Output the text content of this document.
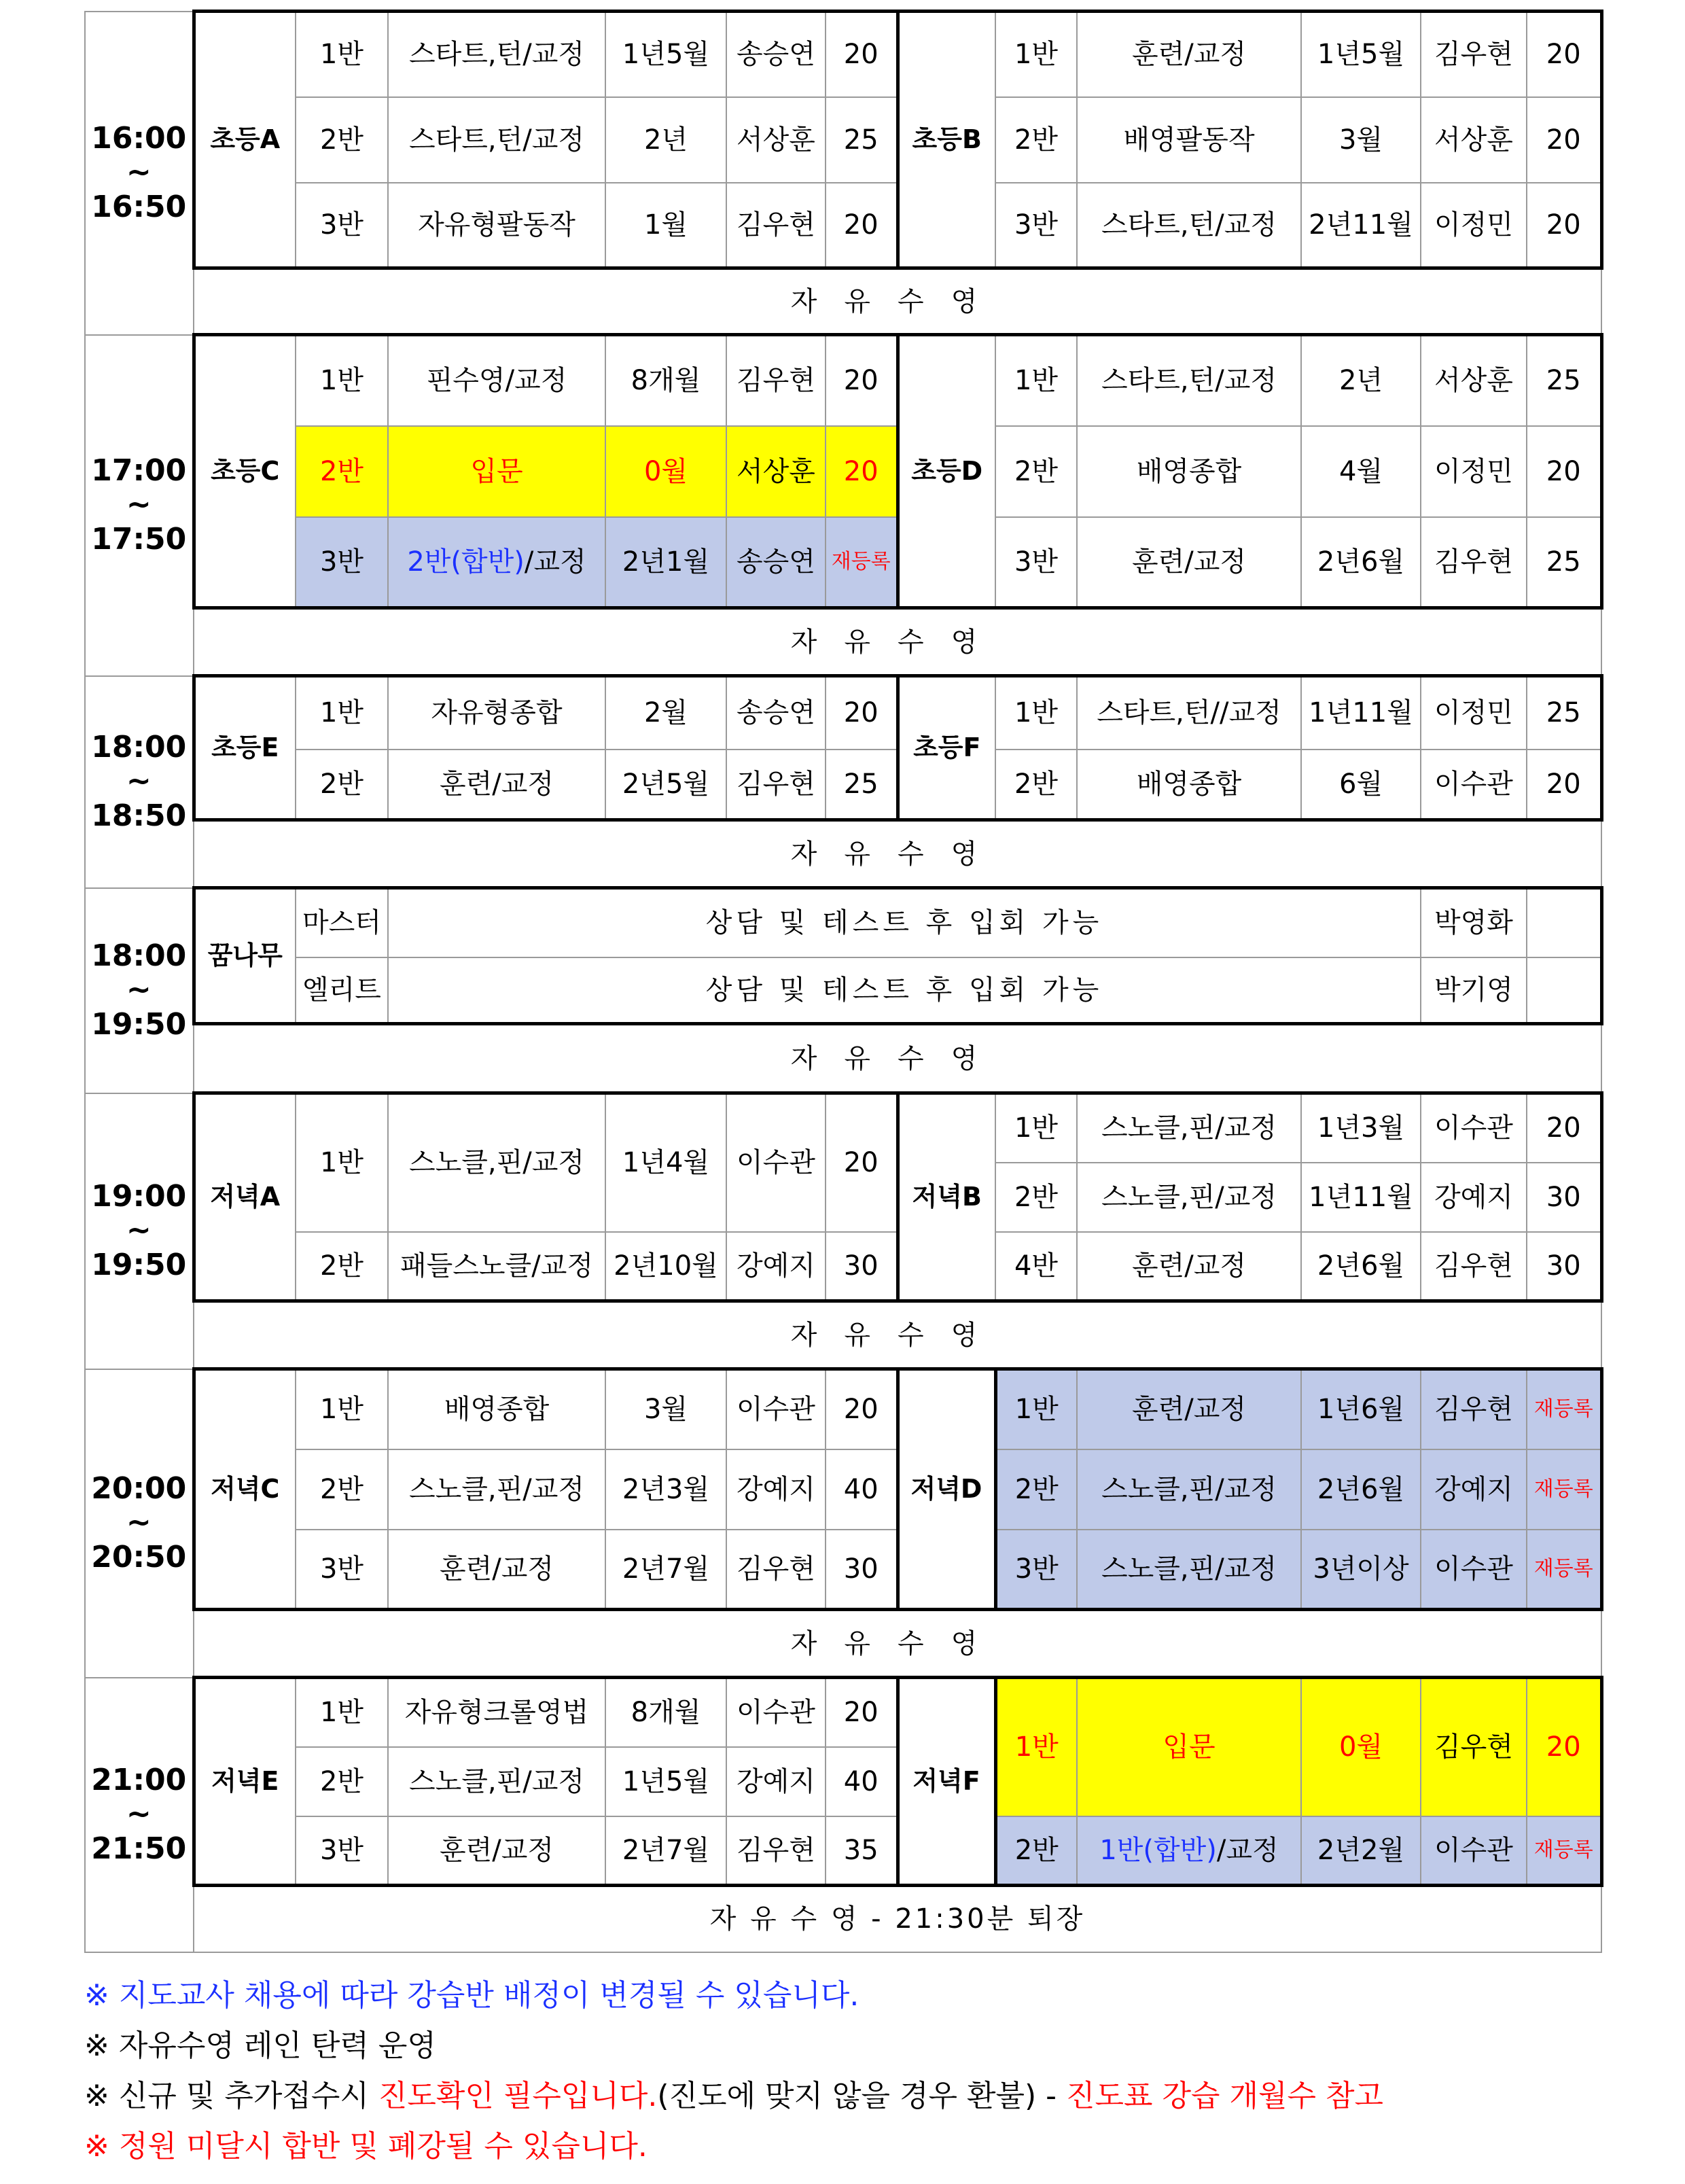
16:00
~
16:50	초등A	1반	스타트,턴/교정	1년5월	송승연	20	초등B	1반	훈련/교정	1년5월	김우현	20
		2반	스타트,턴/교정	2년	서상훈	25		2반	배영팔동작	3월	서상훈	20
		3반	자유형팔동작	1월	김우현	20		3반	스타트,턴/교정	2년11월	이정민	20
	자유수영											
17:00
~
17:50	초등C	1반	핀수영/교정	8개월	김우현	20	초등D	1반	스타트,턴/교정	2년	서상훈	25
		2반	입문	0월	서상훈	20		2반	배영종합	4월	이정민	20
		3반	2반(합반)/교정	2년1월	송승연	재등록		3반	훈련/교정	2년6월	김우현	25
	자유수영											
18:00
~
18:50	초등E	1반	자유형종합	2월	송승연	20	초등F	1반	스타트,턴//교정	1년11월	이정민	25
		2반	훈련/교정	2년5월	김우현	25		2반	배영종합	6월	이수관	20
	자유수영											
18:00
~
19:50	꿈나무	마스터	상담 및 테스트 후 입회 가능								박영화	
		엘리트	상담 및 테스트 후 입회 가능								박기영	
	자유수영											
19:00
~
19:50	저녁A	1반	스노클,핀/교정	1년4월	이수관	20	저녁B	1반	스노클,핀/교정	1년3월	이수관	20
								2반	스노클,핀/교정	1년11월	강예지	30
		2반	패들스노클/교정	2년10월	강예지	30		4반	훈련/교정	2년6월	김우현	30
	자유수영											
20:00
~
20:50	저녁C	1반	배영종합	3월	이수관	20	저녁D	1반	훈련/교정	1년6월	김우현	재등록
		2반	스노클,핀/교정	2년3월	강예지	40		2반	스노클,핀/교정	2년6월	강예지	재등록
		3반	훈련/교정	2년7월	김우현	30		3반	스노클,핀/교정	3년이상	이수관	재등록
	자유수영											
21:00
~
21:50	저녁E	1반	자유형크롤영법	8개월	이수관	20	저녁F	1반	입문	0월	김우현	20
		2반	스노클,핀/교정	1년5월	강예지	40						
		3반	훈련/교정	2년7월	김우현	35		2반	1반(합반)/교정	2년2월	이수관	재등록
	자 유 수 영 - 21:30분 퇴장											

※ 지도교사 채용에 따라 강습반 배정이 변경될 수 있습니다.

※ 자유수영 레인 탄력 운영

※ 신규 및 추가접수시 진도확인 필수입니다.(진도에 맞지 않을 경우 환불) - 진도표 강습 개월수 참고

※ 정원 미달시 합반 및 폐강될 수 있습니다.
